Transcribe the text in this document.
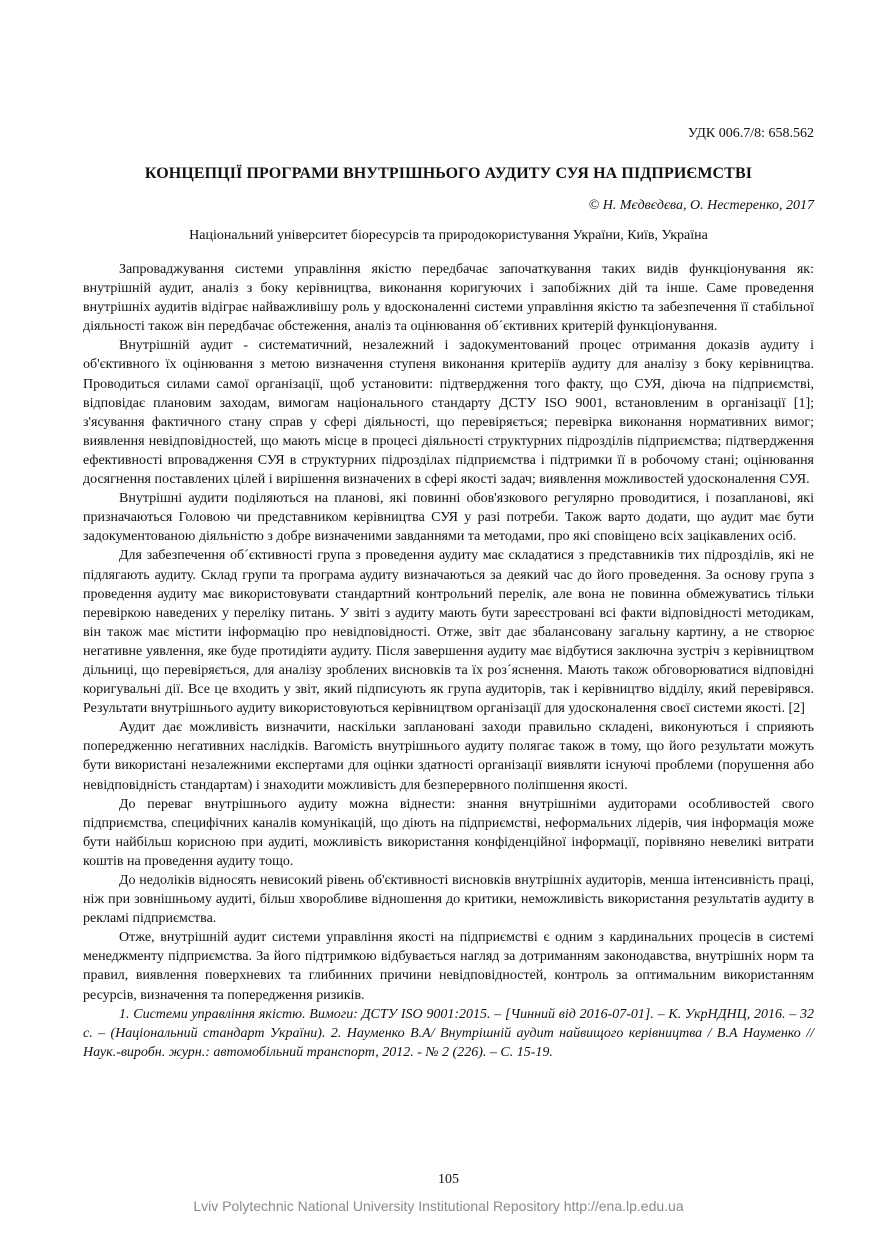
УДК 006.7/8: 658.562
КОНЦЕПЦІЇ ПРОГРАМИ ВНУТРІШНЬОГО АУДИТУ СУЯ НА ПІДПРИЄМСТВІ
© Н. Мєдвєдєва, О. Нестеренко, 2017
Національний університет біоресурсів та природокористування України, Київ, Україна

Запроваджування системи управління якістю передбачає започаткування таких видів функціонування як: внутрішній аудит, аналіз з боку керівництва, виконання коригуючих і запобіжних дій та інше. Саме проведення внутрішніх аудитів відіграє найважливішу роль у вдосконаленні системи управління якістю та забезпечення її стабільної діяльності також він передбачає обстеження, аналіз та оцінювання об´єктивних критерій функціонування.

Внутрішній аудит - систематичний, незалежний і задокументований процес отримання доказів аудиту і об'єктивного їх оцінювання з метою визначення ступеня виконання критеріїв аудиту для аналізу з боку керівництва. Проводиться силами самої організації, щоб установити: підтвердження того факту, що СУЯ, діюча на підприємстві, відповідає плановим заходам, вимогам національного стандарту ДСТУ ISO 9001, встановленим в організації [1]; з'ясування фактичного стану справ у сфері діяльності, що перевіряється; перевірка виконання нормативних вимог; виявлення невідповідностей, що мають місце в процесі діяльності структурних підрозділів підприємства; підтвердження ефективності впровадження СУЯ в структурних підрозділах підприємства і підтримки її в робочому стані; оцінювання досягнення поставлених цілей і вирішення визначених в сфері якості задач; виявлення можливостей удосконалення СУЯ.

Внутрішні аудити поділяються на планові, які повинні обов'язкового регулярно проводитися, і позапланові, які призначаються Головою чи представником керівництва СУЯ у разі потреби. Також варто додати, що аудит має бути задокументованою діяльністю з добре визначеними завданнями та методами, про які сповіщено всіх зацікавлених осіб.

Для забезпечення об´єктивності група з проведення аудиту має складатися з представників тих підрозділів, які не підлягають аудиту. Склад групи та програма аудиту визначаються за деякий час до його проведення. За основу група з проведення аудиту має використовувати стандартний контрольний перелік, але вона не повинна обмежуватись тільки перевіркою наведених у переліку питань. У звіті з аудиту мають бути зареєстровані всі факти відповідності методикам, він також має містити інформацію про невідповідності. Отже, звіт дає збалансовану загальну картину, а не створює негативне уявлення, яке буде протидіяти аудиту. Після завершення аудиту має відбутися заключна зустріч з керівництвом дільниці, що перевіряється, для аналізу зроблених висновків та їх роз´яснення. Мають також обговорюватися відповідні коригувальні дії. Все це входить у звіт, який підписують як група аудиторів, так і керівництво відділу, який перевірявся. Результати внутрішнього аудиту використовуються керівництвом організації для удосконалення своєї системи якості. [2]

Аудит дає можливість визначити, наскільки заплановані заходи правильно складені, виконуються і сприяють попередженню негативних наслідків. Вагомість внутрішнього аудиту полягає також в тому, що його результати можуть бути використані незалежними експертами для оцінки здатності організації виявляти існуючі проблеми (порушення або невідповідність стандартам) і знаходити можливість для безперервного поліпшення якості.

До переваг внутрішнього аудиту можна віднести: знання внутрішніми аудиторами особливостей свого підприємства, специфічних каналів комунікацій, що діють на підприємстві, неформальних лідерів, чия інформація може бути найбільш корисною при аудиті, можливість використання конфіденційної інформації, порівняно невеликі витрати коштів на проведення аудиту тощо.

До недоліків відносять невисокий рівень об'єктивності висновків внутрішніх аудиторів, менша інтенсивність праці, ніж при зовнішньому аудиті, більш хворобливе відношення до критики, неможливість використання результатів аудиту в рекламі підприємства.

Отже, внутрішній аудит системи управління якості на підприємстві є одним з кардинальних процесів в системі менеджменту підприємства. За його підтримкою відбувається нагляд за дотриманням законодавства, внутрішніх норм та правил, виявлення поверхневих та глибинних причини невідповідностей, контроль за оптимальним використанням ресурсів, визначення та попередження ризиків.

1. Системи управління якістю. Вимоги: ДСТУ ISO 9001:2015. – [Чинний від 2016-07-01]. – К. УкрНДНЦ, 2016. – 32 с. – (Національний стандарт України). 2. Науменко В.А/ Внутрішній аудит найвищого керівництва / В.А Науменко // Наук.-виробн. журн.: автомобільний транспорт, 2012. - № 2 (226). – С. 15-19.

105
Lviv Polytechnic National University Institutional Repository http://ena.lp.edu.ua
